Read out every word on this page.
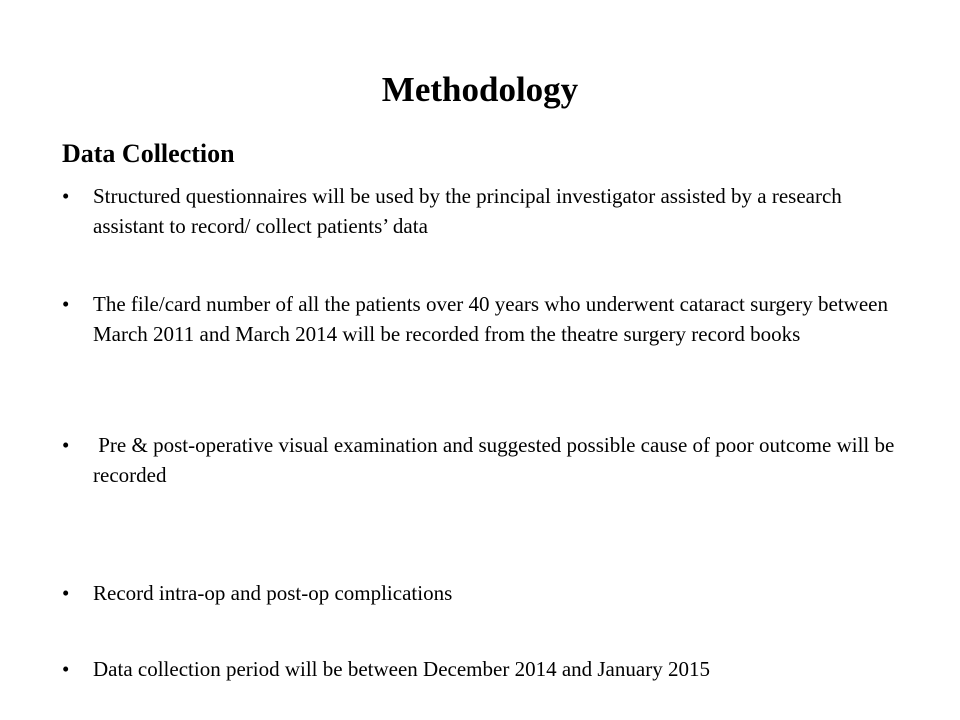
Methodology
Data Collection
•	Structured questionnaires will be used by the principal investigator assisted by a research assistant to record/ collect patients’ data
•	The file/card number of all the patients over 40 years who underwent cataract surgery between March 2011 and March 2014 will be recorded from the theatre surgery record books
•	Pre & post-operative visual examination and suggested possible cause of poor outcome will be recorded
•	Record intra-op and post-op complications
•	Data collection period will be between December 2014 and January 2015
